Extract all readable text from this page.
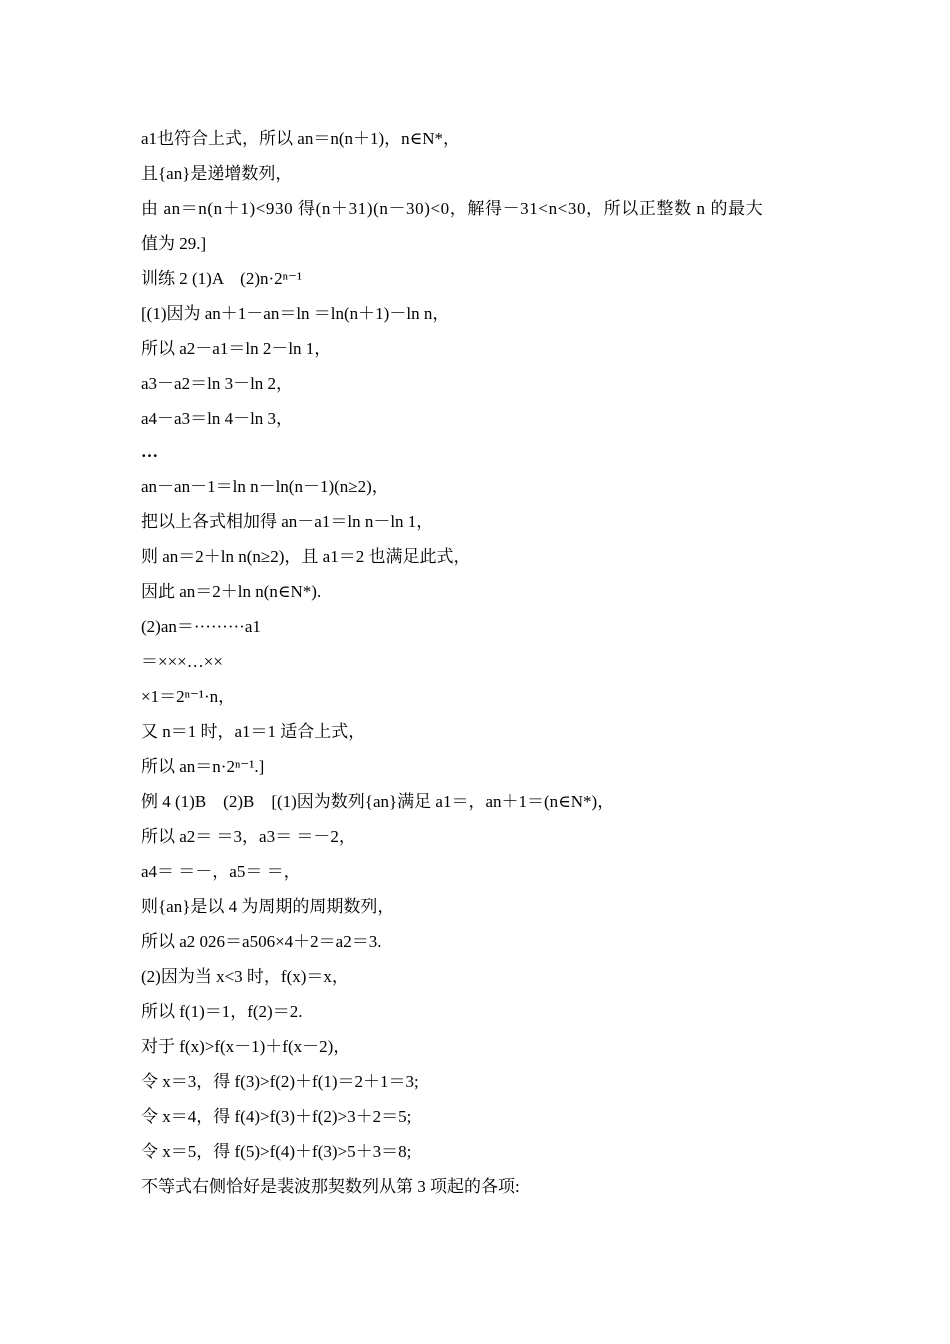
a1也符合上式，所以 an＝n(n＋1)，n∈N*，
且{an}是递增数列，
由 an＝n(n＋1)<930 得(n＋31)(n－30)<0，解得－31<n<30，所以正整数 n 的最大
值为 29.]
训练 2 (1)A　(2)n·2ⁿ⁻¹
[(1)因为 an＋1－an＝ln ＝ln(n＋1)－ln n，
所以 a2－a1＝ln 2－ln 1，
a3－a2＝ln 3－ln 2，
a4－a3＝ln 4－ln 3，
…
an－an－1＝ln n－ln(n－1)(n≥2)，
把以上各式相加得 an－a1＝ln n－ln 1，
则 an＝2＋ln n(n≥2)，且 a1＝2 也满足此式，
因此 an＝2＋ln n(n∈N*).
(2)an＝·········a1
＝×××…××
×1＝2ⁿ⁻¹·n，
又 n＝1 时，a1＝1 适合上式，
所以 an＝n·2ⁿ⁻¹.]
例 4 (1)B　(2)B　[(1)因为数列{an}满足 a1＝，an＋1＝(n∈N*)，
所以 a2＝ ＝3，a3＝ ＝－2，
a4＝ ＝－，a5＝ ＝，
则{an}是以 4 为周期的周期数列，
所以 a2 026＝a506×4＋2＝a2＝3.
(2)因为当 x<3 时，f(x)＝x，
所以 f(1)＝1，f(2)＝2.
对于 f(x)>f(x－1)＋f(x－2)，
令 x＝3，得 f(3)>f(2)＋f(1)＝2＋1＝3;
令 x＝4，得 f(4)>f(3)＋f(2)>3＋2＝5;
令 x＝5，得 f(5)>f(4)＋f(3)>5＋3＝8;
不等式右侧恰好是裴波那契数列从第 3 项起的各项:
